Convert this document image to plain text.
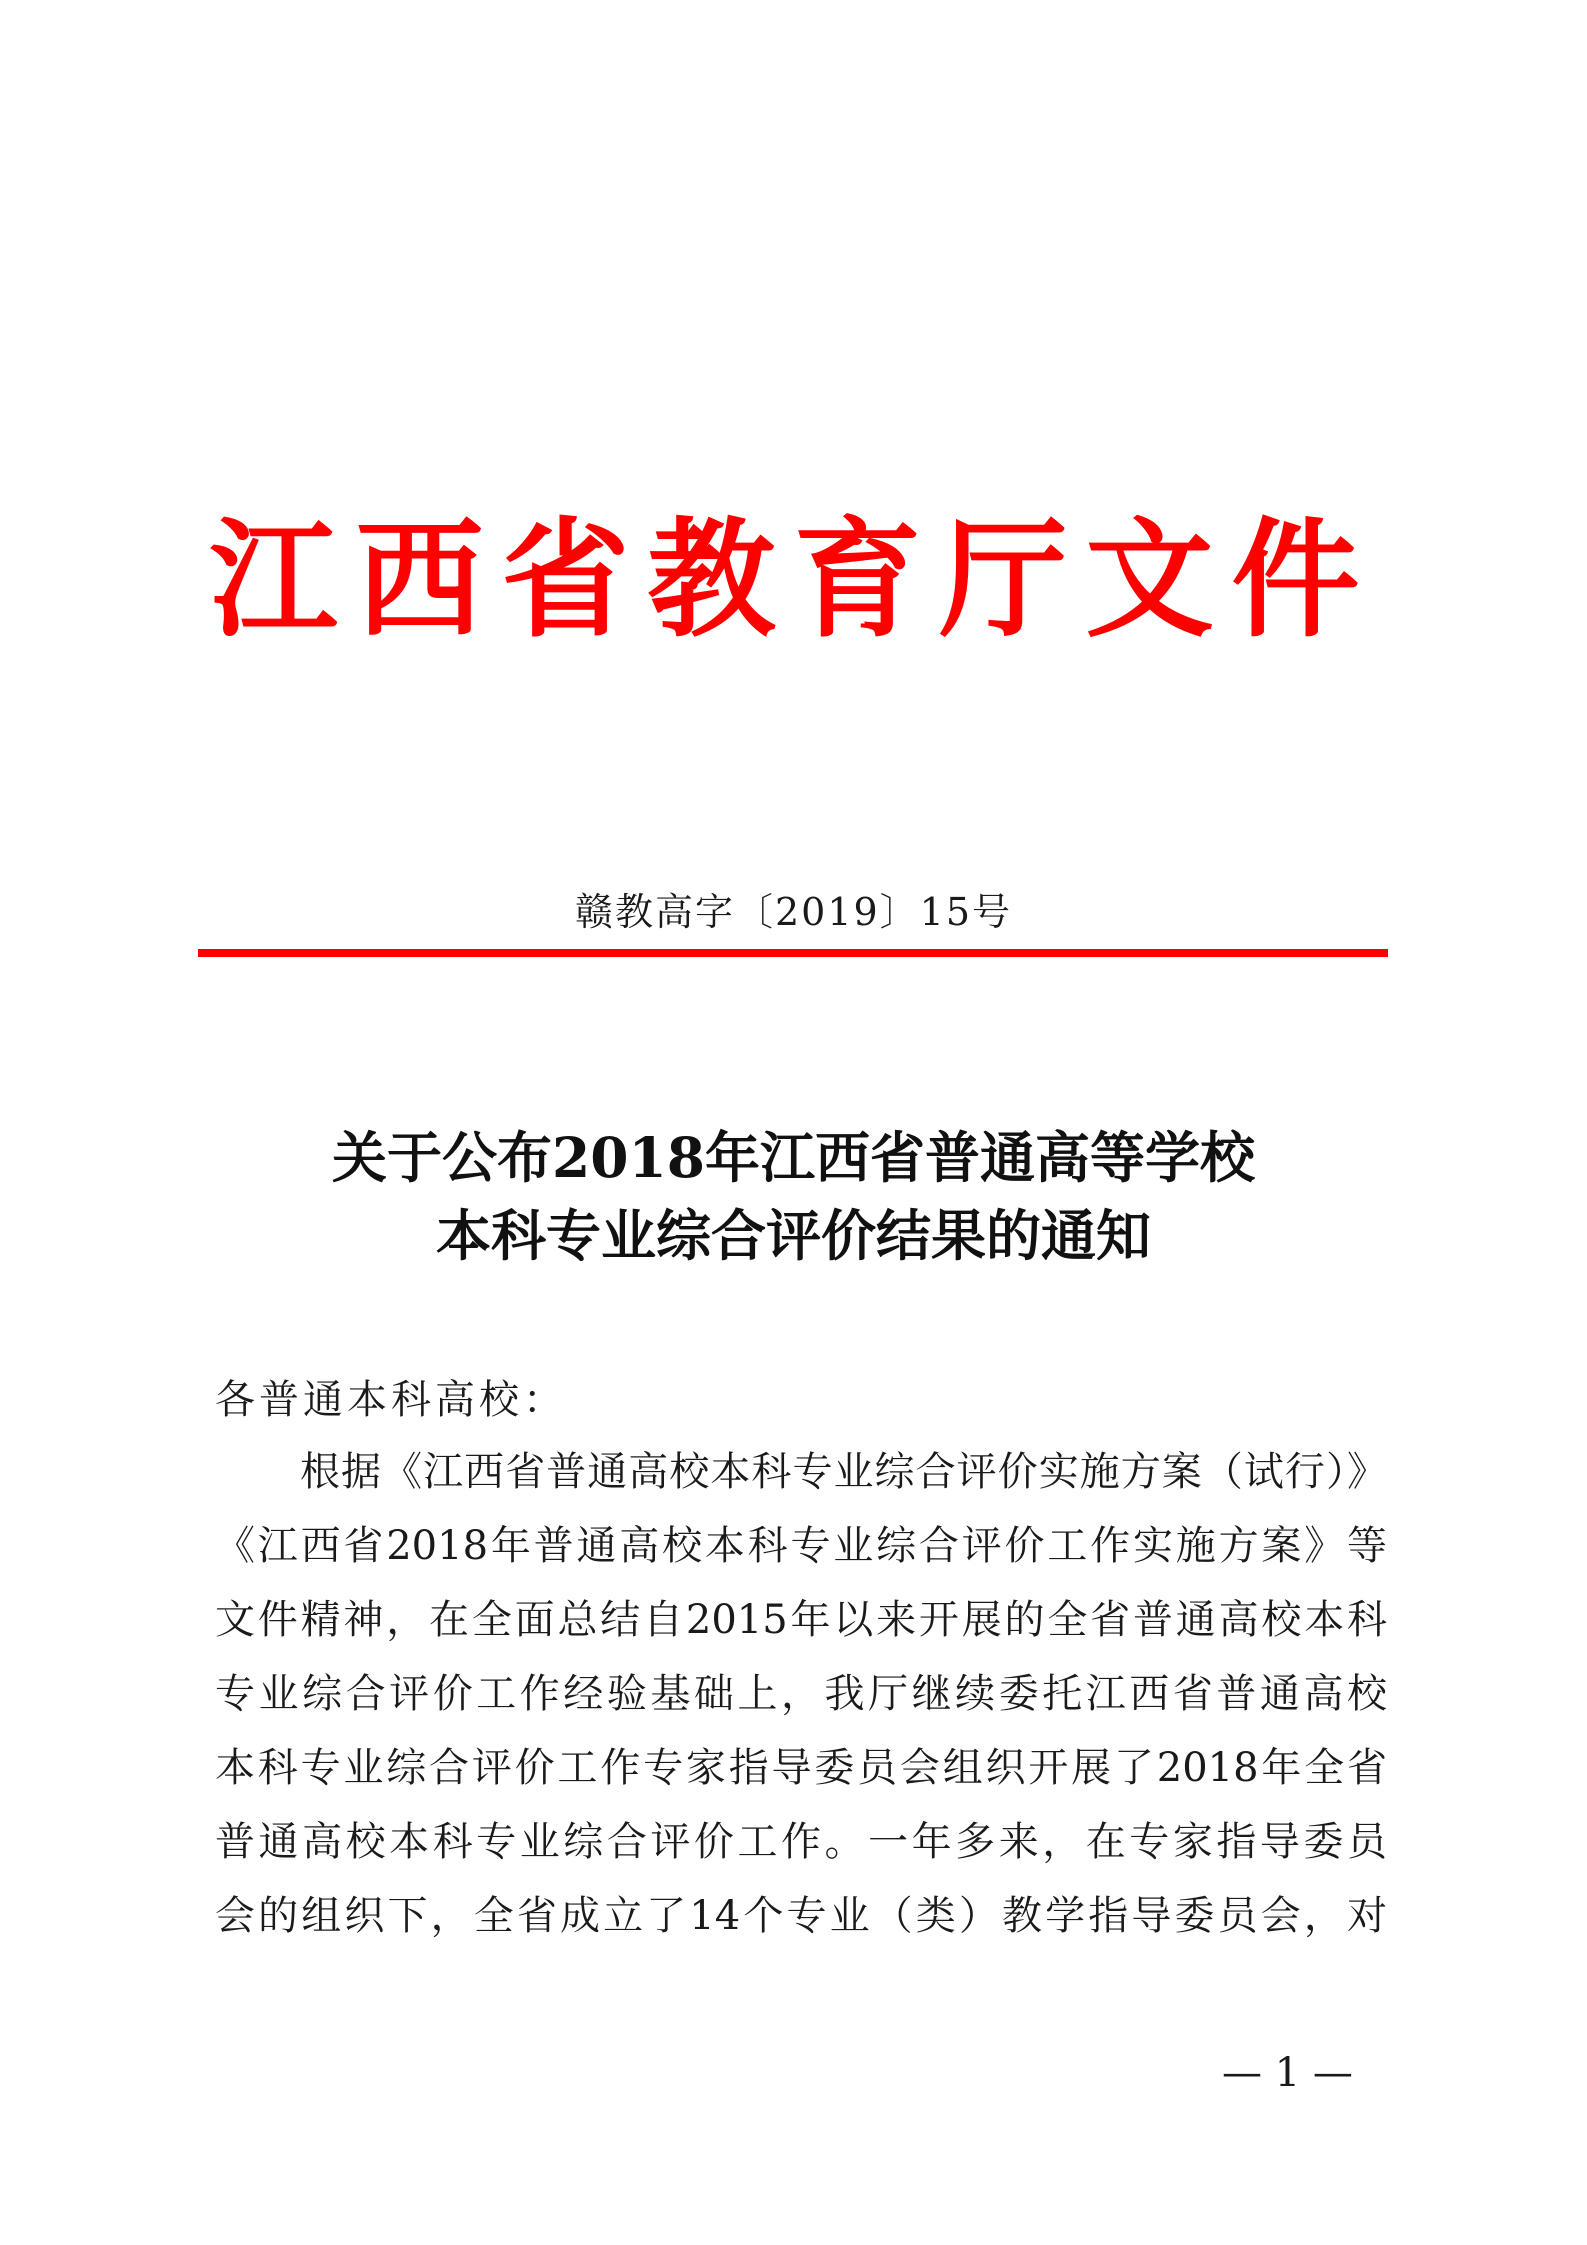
江西省教育厅文件
赣教高字〔2019〕15号
关于公布2018年江西省普通高等学校
本科专业综合评价结果的通知
各普通本科高校：
根据《江西省普通高校本科专业综合评价实施方案（试行）》
《江西省2018年普通高校本科专业综合评价工作实施方案》等
文件精神，在全面总结自2015年以来开展的全省普通高校本科
专业综合评价工作经验基础上，我厅继续委托江西省普通高校
本科专业综合评价工作专家指导委员会组织开展了2018年全省
普通高校本科专业综合评价工作。一年多来，在专家指导委员
会的组织下，全省成立了14个专业（类）教学指导委员会，对
— 1 —
